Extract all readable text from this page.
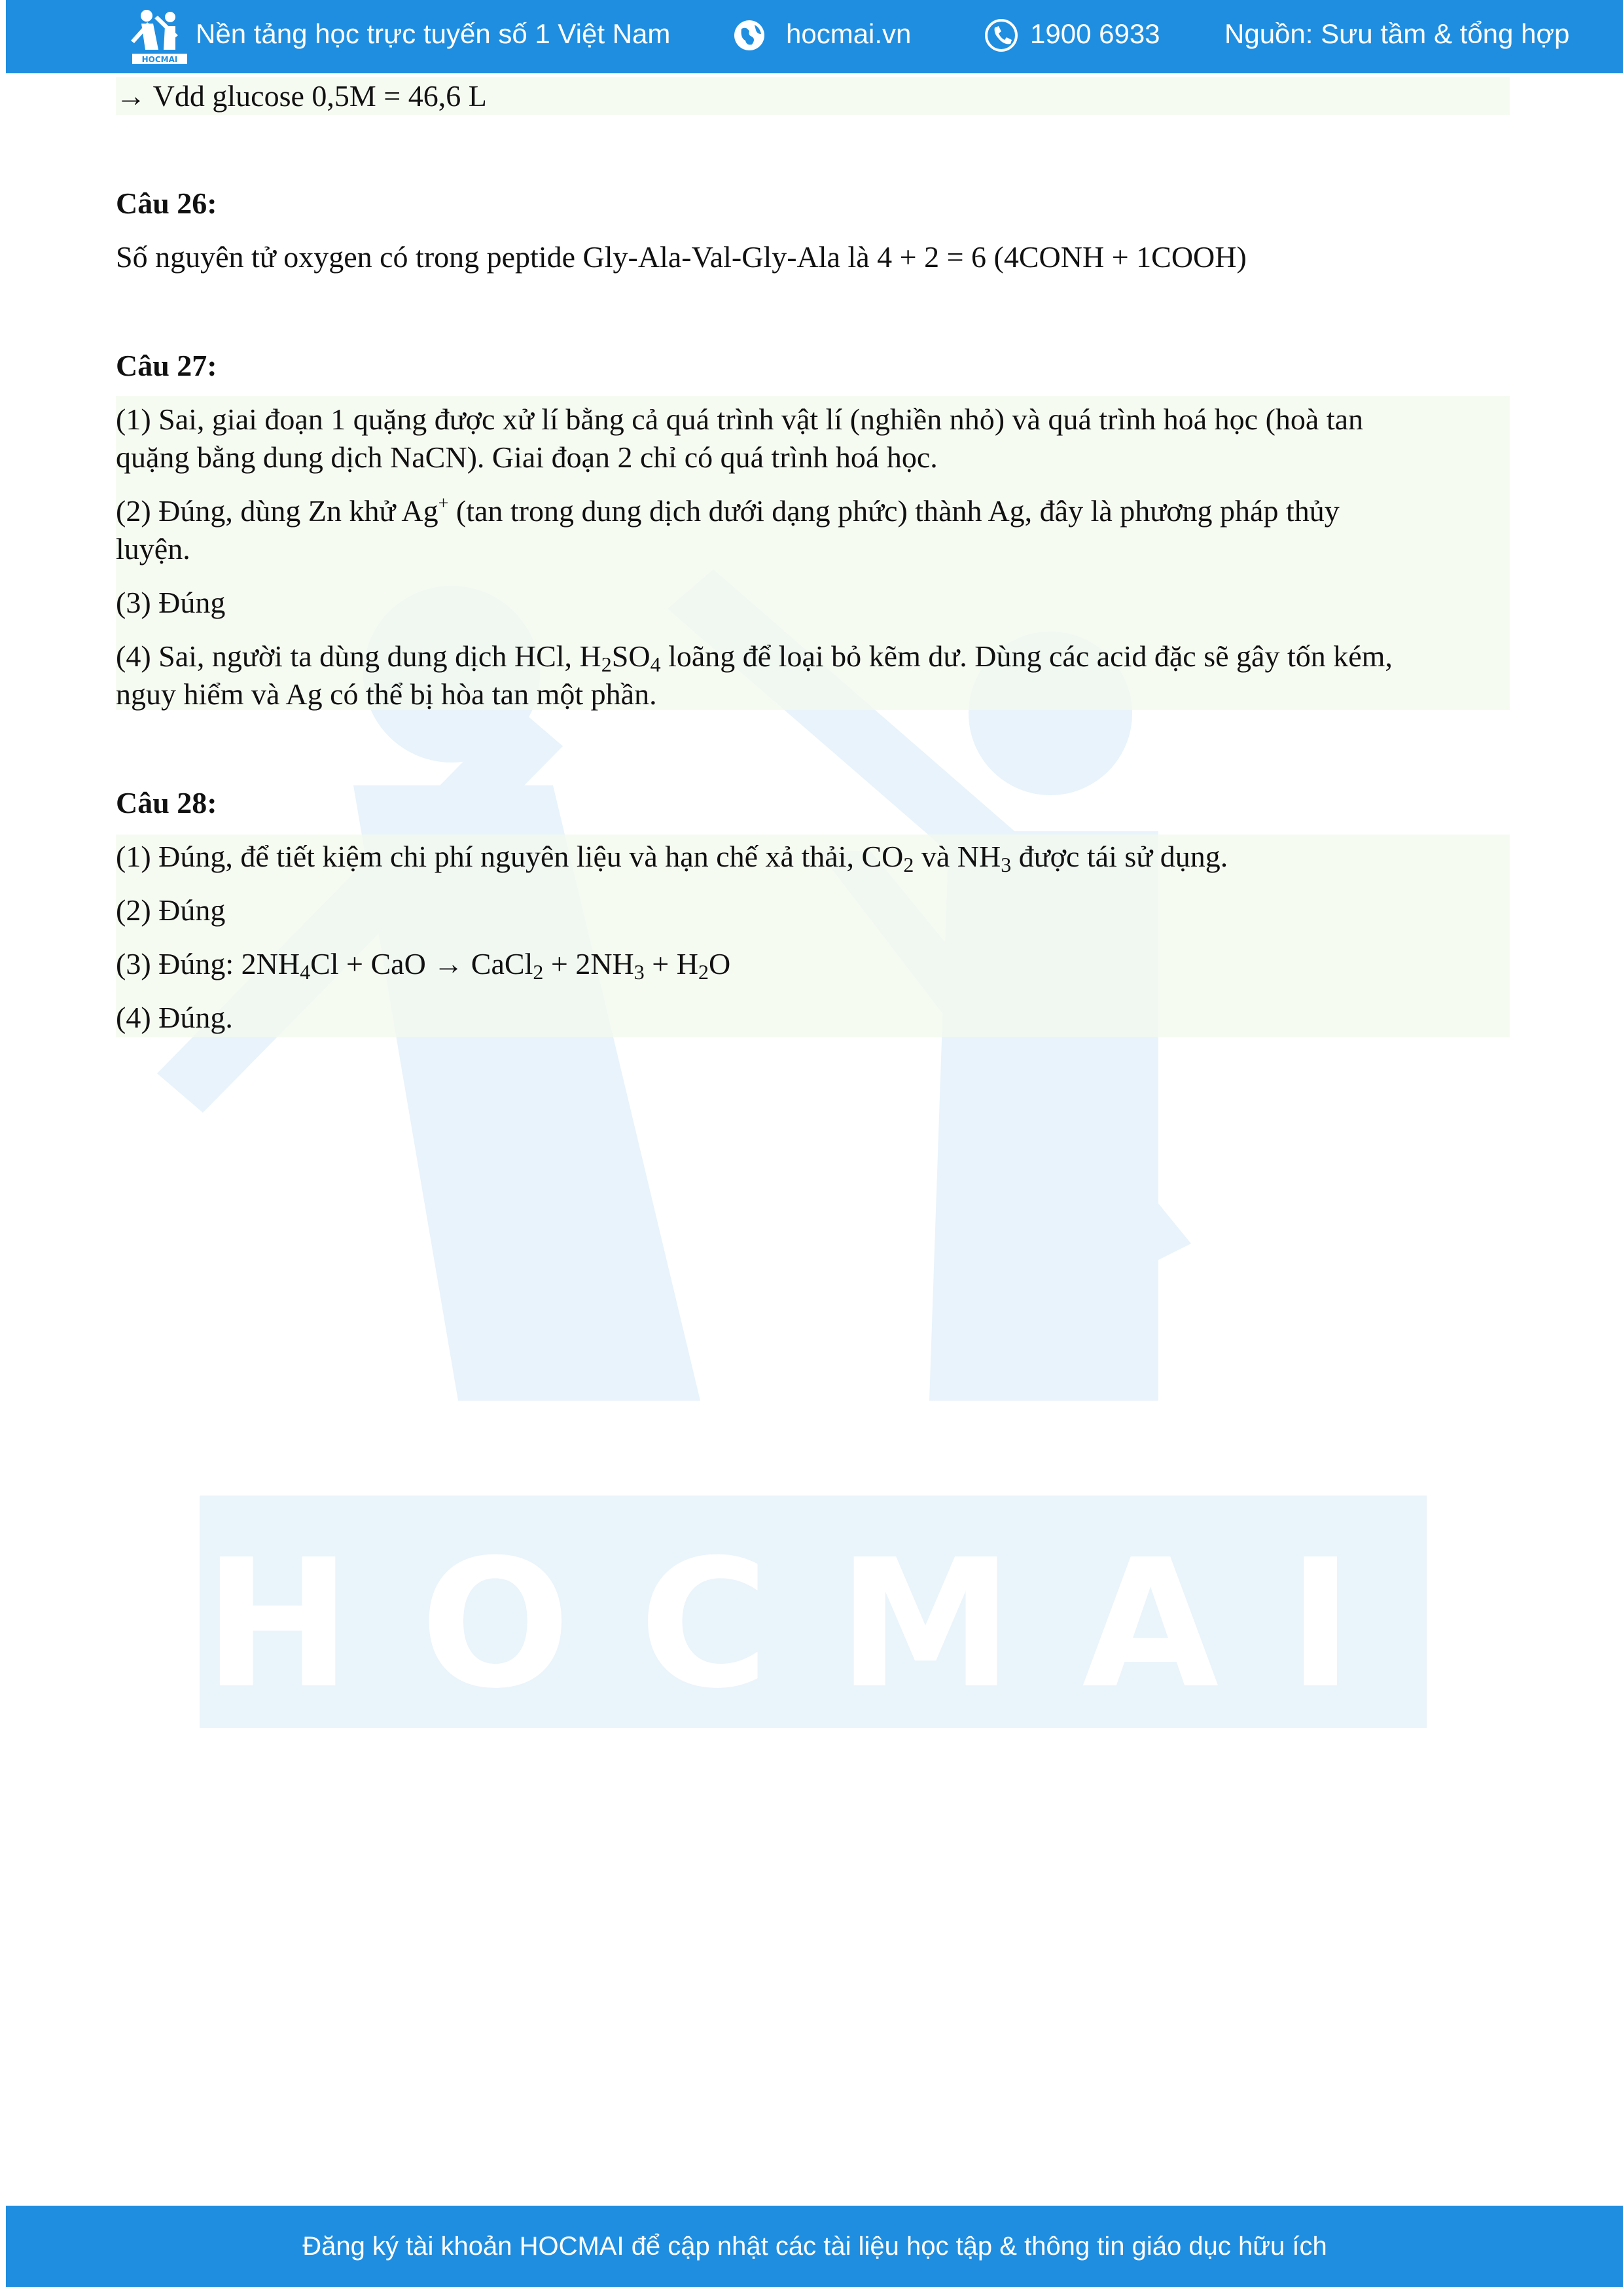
HOCMAI
HOCMAI
Nền tảng học trực tuyến số 1 Việt Nam	hocmai.vn	1900 6933 Nguồn: Sưu tầm & tổng hợp
→ Vdd glucose 0,5M = 46,6 L
Câu 26:
Số nguyên tử oxygen có trong peptide Gly-Ala-Val-Gly-Ala là 4 + 2 = 6 (4CONH + 1COOH)
Câu 27:
(1) Sai, giai đoạn 1 quặng được xử lí bằng cả quá trình vật lí (nghiền nhỏ) và quá trình hoá học (hoà tan
quặng bằng dung dịch NaCN). Giai đoạn 2 chỉ có quá trình hoá học.
(2) Đúng, dùng Zn khử Ag+ (tan trong dung dịch dưới dạng phức) thành Ag, đây là phương pháp thủy
luyện.
(3) Đúng
(4) Sai, người ta dùng dung dịch HCl, $H_2SO_4$ loãng để loại bỏ kẽm dư. Dùng các acid đặc sẽ gây tốn kém,
nguy hiểm và Ag có thể bị hòa tan một phần.
Câu 28:
(1) Đúng, để tiết kiệm chi phí nguyên liệu và hạn chế xả thải, $CO_2$ và $NH_3$ được tái sử dụng.
(2) Đúng
(3) Đúng: $2NH_4Cl$ + CaO → CaCl$_2$ + $2NH_3 + H_2O$
(4) Đúng.
Đăng ký tài khoản HOCMAI để cập nhật các tài liệu học tập & thông tin giáo dục hữu ích
